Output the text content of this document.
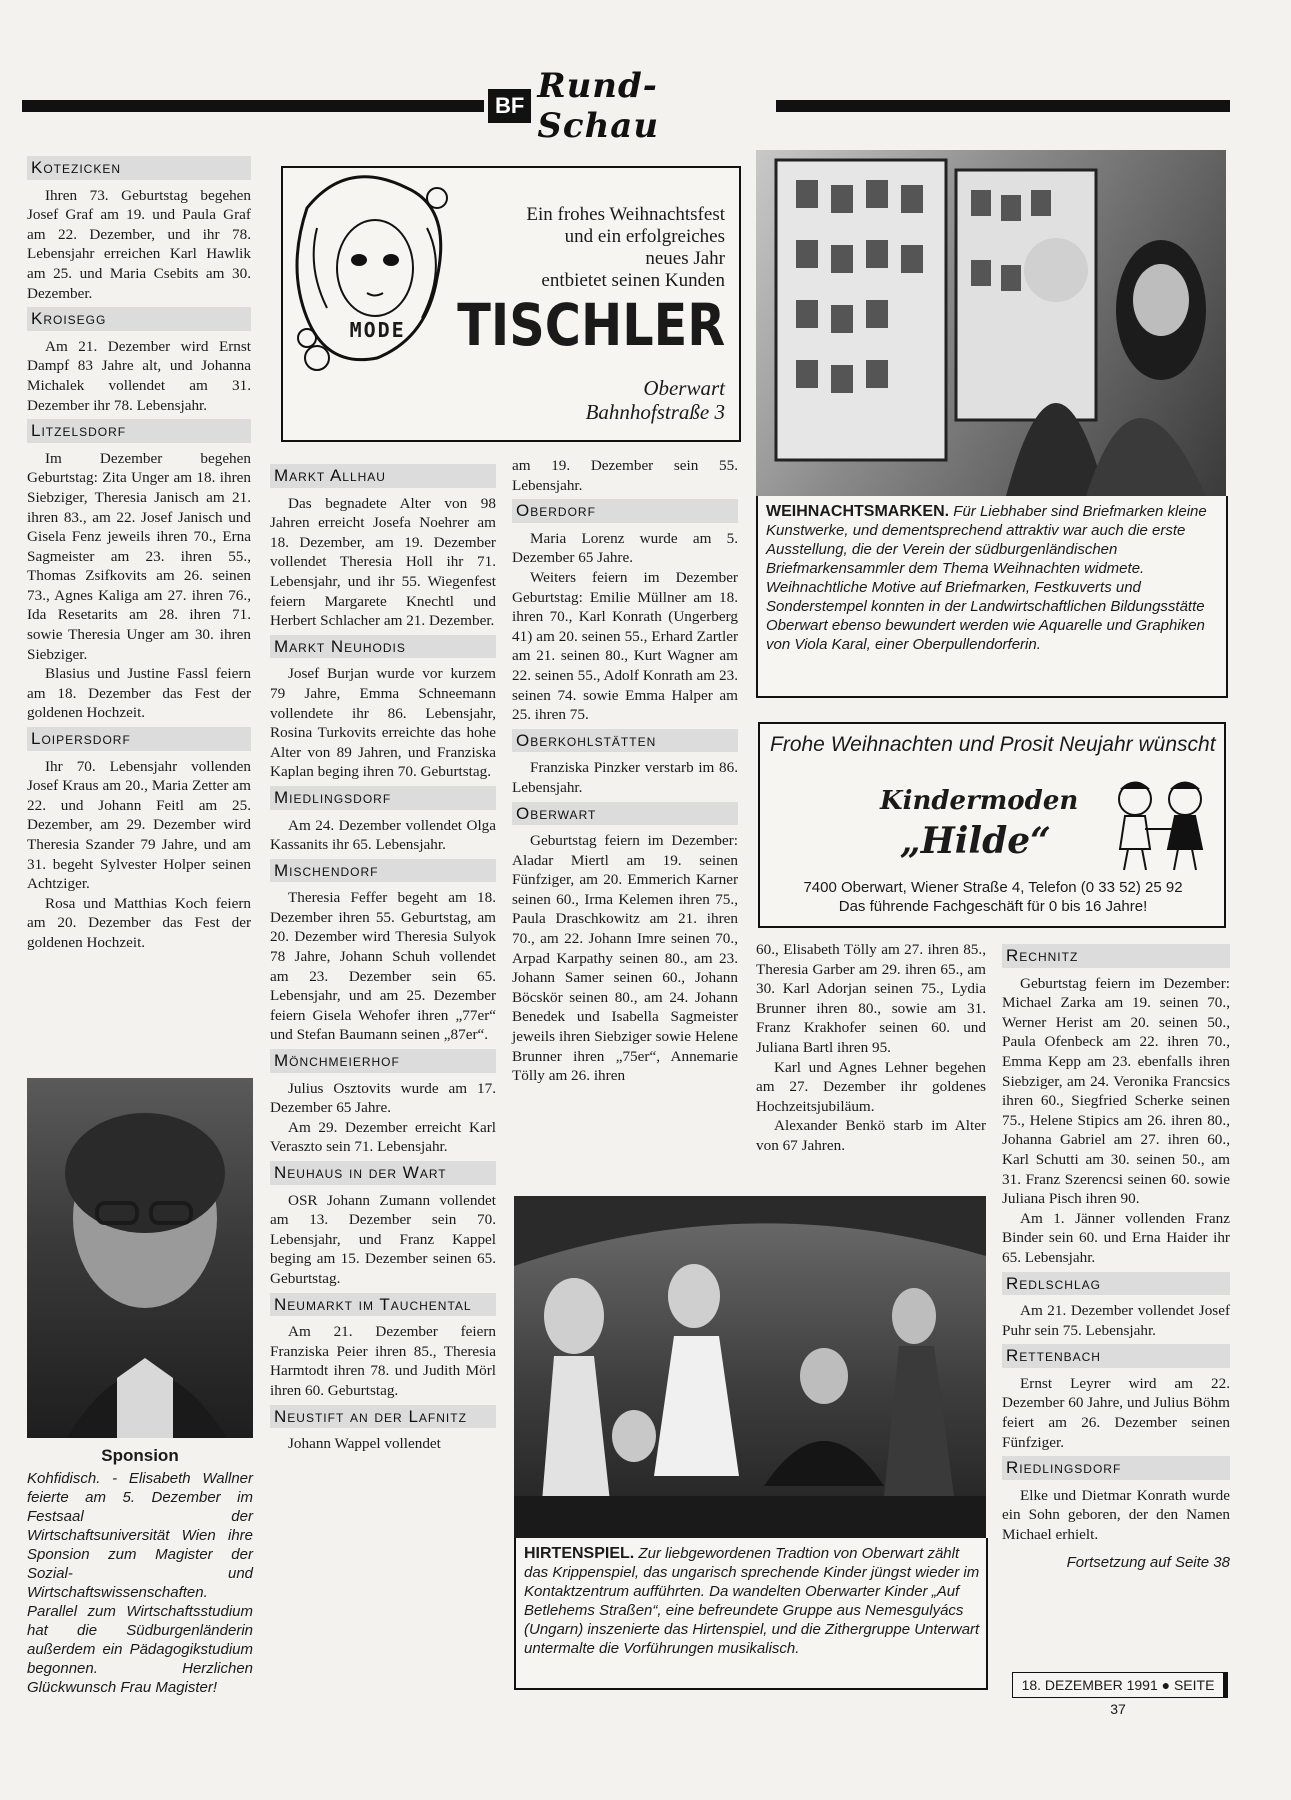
BF Rund-Schau
Kotezicken

Ihren 73. Geburtstag begehen Josef Graf am 19. und Paula Graf am 22. Dezember, und ihr 78. Lebensjahr erreichen Karl Hawlik am 25. und Maria Csebits am 30. Dezember.

Kroisegg

Am 21. Dezember wird Ernst Dampf 83 Jahre alt, und Johanna Michalek vollendet am 31. Dezember ihr 78. Lebensjahr.

Litzelsdorf

Im Dezember begehen Geburtstag: Zita Unger am 18. ihren Siebziger, Theresia Janisch am 21. ihren 83., am 22. Josef Janisch und Gisela Fenz jeweils ihren 70., Erna Sagmeister am 23. ihren 55., Thomas Zsifkovits am 26. seinen 73., Agnes Kaliga am 27. ihren 76., Ida Resetarits am 28. ihren 71. sowie Theresia Unger am 30. ihren Siebziger.

Blasius und Justine Fassl feiern am 18. Dezember das Fest der goldenen Hochzeit.

Loipersdorf

Ihr 70. Lebensjahr vollenden Josef Kraus am 20., Maria Zetter am 22. und Johann Feitl am 25. Dezember, am 29. Dezember wird Theresia Szander 79 Jahre, und am 31. begeht Sylvester Holper seinen Achtziger.

Rosa und Matthias Koch feiern am 20. Dezember das Fest der goldenen Hochzeit.

Sponsion
Kohfidisch. - Elisabeth Wallner feierte am 5. Dezember im Festsaal der Wirtschaftsuniversität Wien ihre Sponsion zum Magister der Sozial- und Wirtschaftswissenschaften. Parallel zum Wirtschaftsstudium hat die Südburgenländerin außerdem ein Pädagogikstudium begonnen. Herzlichen Glückwunsch Frau Magister!
Ein frohes Weihnachtsfest
und ein erfolgreiches
neues Jahr
entbietet seinen Kunden
MODE TISCHLER
Oberwart
Bahnhofstraße 3
Markt Allhau

Das begnadete Alter von 98 Jahren erreicht Josefa Noehrer am 18. Dezember, am 19. Dezember vollendet Theresia Holl ihr 71. Lebensjahr, und ihr 55. Wiegenfest feiern Margarete Knechtl und Herbert Schlacher am 21. Dezember.

Markt Neuhodis

Josef Burjan wurde vor kurzem 79 Jahre, Emma Schneemann vollendete ihr 86. Lebensjahr, Rosina Turkovits erreichte das hohe Alter von 89 Jahren, und Franziska Kaplan beging ihren 70. Geburtstag.

Miedlingsdorf

Am 24. Dezember vollendet Olga Kassanits ihr 65. Lebensjahr.

Mischendorf

Theresia Feffer begeht am 18. Dezember ihren 55. Geburtstag, am 20. Dezember wird Theresia Sulyok 78 Jahre, Johann Schuh vollendet am 23. Dezember sein 65. Lebensjahr, und am 25. Dezember feiern Gisela Wehofer ihren „77er“ und Stefan Baumann seinen „87er“.

Mönchmeierhof

Julius Osztovits wurde am 17. Dezember 65 Jahre.

Am 29. Dezember erreicht Karl Veraszto sein 71. Lebensjahr.

Neuhaus in der Wart

OSR Johann Zumann vollendet am 13. Dezember sein 70. Lebensjahr, und Franz Kappel beging am 15. Dezember seinen 65. Geburtstag.

Neumarkt im Tauchental

Am 21. Dezember feiern Franziska Peier ihren 85., Theresia Harmtodt ihren 78. und Judith Mörl ihren 60. Geburtstag.

Neustift an der Lafnitz

Johann Wappel vollendet

am 19. Dezember sein 55. Lebensjahr.

Oberdorf

Maria Lorenz wurde am 5. Dezember 65 Jahre.

Weiters feiern im Dezember Geburtstag: Emilie Müllner am 18. ihren 70., Karl Konrath (Ungerberg 41) am 20. seinen 55., Erhard Zartler am 21. seinen 80., Kurt Wagner am 22. seinen 55., Adolf Konrath am 23. seinen 74. sowie Emma Halper am 25. ihren 75.

Oberkohlstätten

Franziska Pinzker verstarb im 86. Lebensjahr.

Oberwart

Geburtstag feiern im Dezember: Aladar Miertl am 19. seinen Fünfziger, am 20. Emmerich Karner seinen 60., Irma Kelemen ihren 75., Paula Draschkowitz am 21. ihren 70., am 22. Johann Imre seinen 70., Arpad Karpathy seinen 80., am 23. Johann Samer seinen 60., Johann Böcskör seinen 80., am 24. Johann Benedek und Isabella Sagmeister jeweils ihren Siebziger sowie Helene Brunner ihren „75er“, Annemarie Tölly am 26. ihren

60., Elisabeth Tölly am 27. ihren 85., Theresia Garber am 29. ihren 65., am 30. Karl Adorjan seinen 75., Lydia Brunner ihren 80., sowie am 31. Franz Krakhofer seinen 60. und Juliana Bartl ihren 95.

Karl und Agnes Lehner begehen am 27. Dezember ihr goldenes Hochzeitsjubiläum.

Alexander Benkö starb im Alter von 67 Jahren.

WEIHNACHTSMARKEN. Für Liebhaber sind Briefmarken kleine Kunstwerke, und dementsprechend attraktiv war auch die erste Ausstellung, die der Verein der südburgenländischen Briefmarkensammler dem Thema Weihnachten widmete. Weihnachtliche Motive auf Briefmarken, Festkuverts und Sonderstempel konnten in der Landwirtschaftlichen Bildungsstätte Oberwart ebenso bewundert werden wie Aquarelle und Graphiken von Viola Karal, einer Oberpullendorferin.
Frohe Weihnachten und Prosit Neujahr wünscht
Kindermoden
„Hilde“
7400 Oberwart, Wiener Straße 4, Telefon (0 33 52) 25 92
Das führende Fachgeschäft für 0 bis 16 Jahre!
Rechnitz

Geburtstag feiern im Dezember: Michael Zarka am 19. seinen 70., Werner Herist am 20. seinen 50., Paula Ofenbeck am 22. ihren 70., Emma Kepp am 23. ebenfalls ihren Siebziger, am 24. Veronika Francsics ihren 60., Siegfried Scherke seinen 75., Helene Stipics am 26. ihren 80., Johanna Gabriel am 27. ihren 60., Karl Schutti am 30. seinen 50., am 31. Franz Szerencsi seinen 60. sowie Juliana Pisch ihren 90.

Am 1. Jänner vollenden Franz Binder sein 60. und Erna Haider ihr 65. Lebensjahr.

Redlschlag

Am 21. Dezember vollendet Josef Puhr sein 75. Lebensjahr.

Rettenbach

Ernst Leyrer wird am 22. Dezember 60 Jahre, und Julius Böhm feiert am 26. Dezember seinen Fünfziger.

Riedlingsdorf

Elke und Dietmar Konrath wurde ein Sohn geboren, der den Namen Michael erhielt.

Fortsetzung auf Seite 38
18. DEZEMBER 1991 ● SEITE 37
HIRTENSPIEL. Zur liebgewordenen Tradtion von Oberwart zählt das Krippenspiel, das ungarisch sprechende Kinder jüngst wieder im Kontaktzentrum aufführten. Da wandelten Oberwarter Kinder „Auf Betlehems Straßen“, eine befreundete Gruppe aus Nemesgulyács (Ungarn) inszenierte das Hirtenspiel, und die Zithergruppe Unterwart untermalte die Vorführungen musikalisch.
